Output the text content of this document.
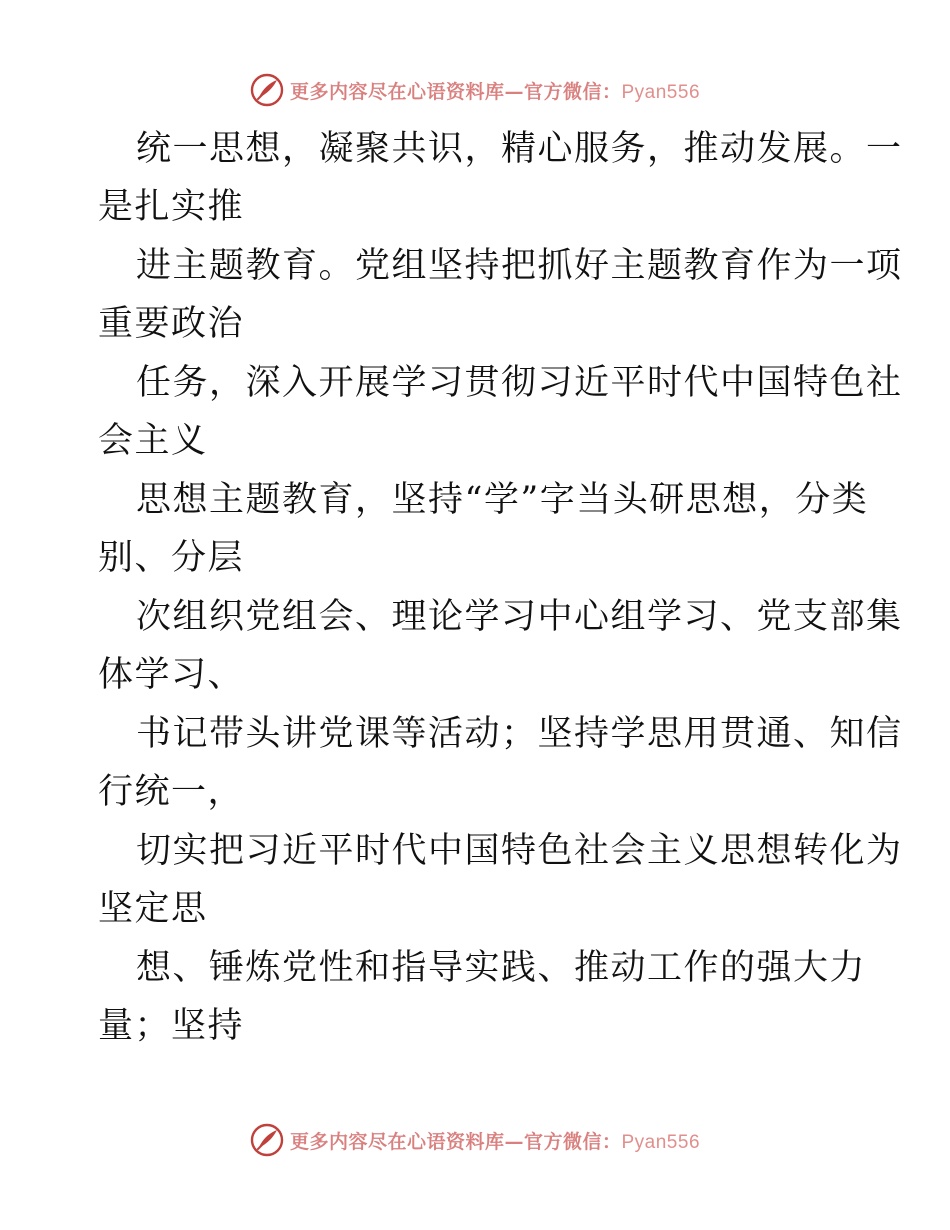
更多内容尽在心语资料库—官方微信：Pyan556
统一思想，凝聚共识，精心服务，推动发展。一
是扎实推
进主题教育。党组坚持把抓好主题教育作为一项
重要政治
任务，深入开展学习贯彻习近平时代中国特色社
会主义
思想主题教育，坚持“学”字当头研思想，分类
别、分层
次组织党组会、理论学习中心组学习、党支部集
体学习、
书记带头讲党课等活动；坚持学思用贯通、知信
行统一，
切实把习近平时代中国特色社会主义思想转化为
坚定思
想、锤炼党性和指导实践、推动工作的强大力
量；坚持
更多内容尽在心语资料库—官方微信：Pyan556
